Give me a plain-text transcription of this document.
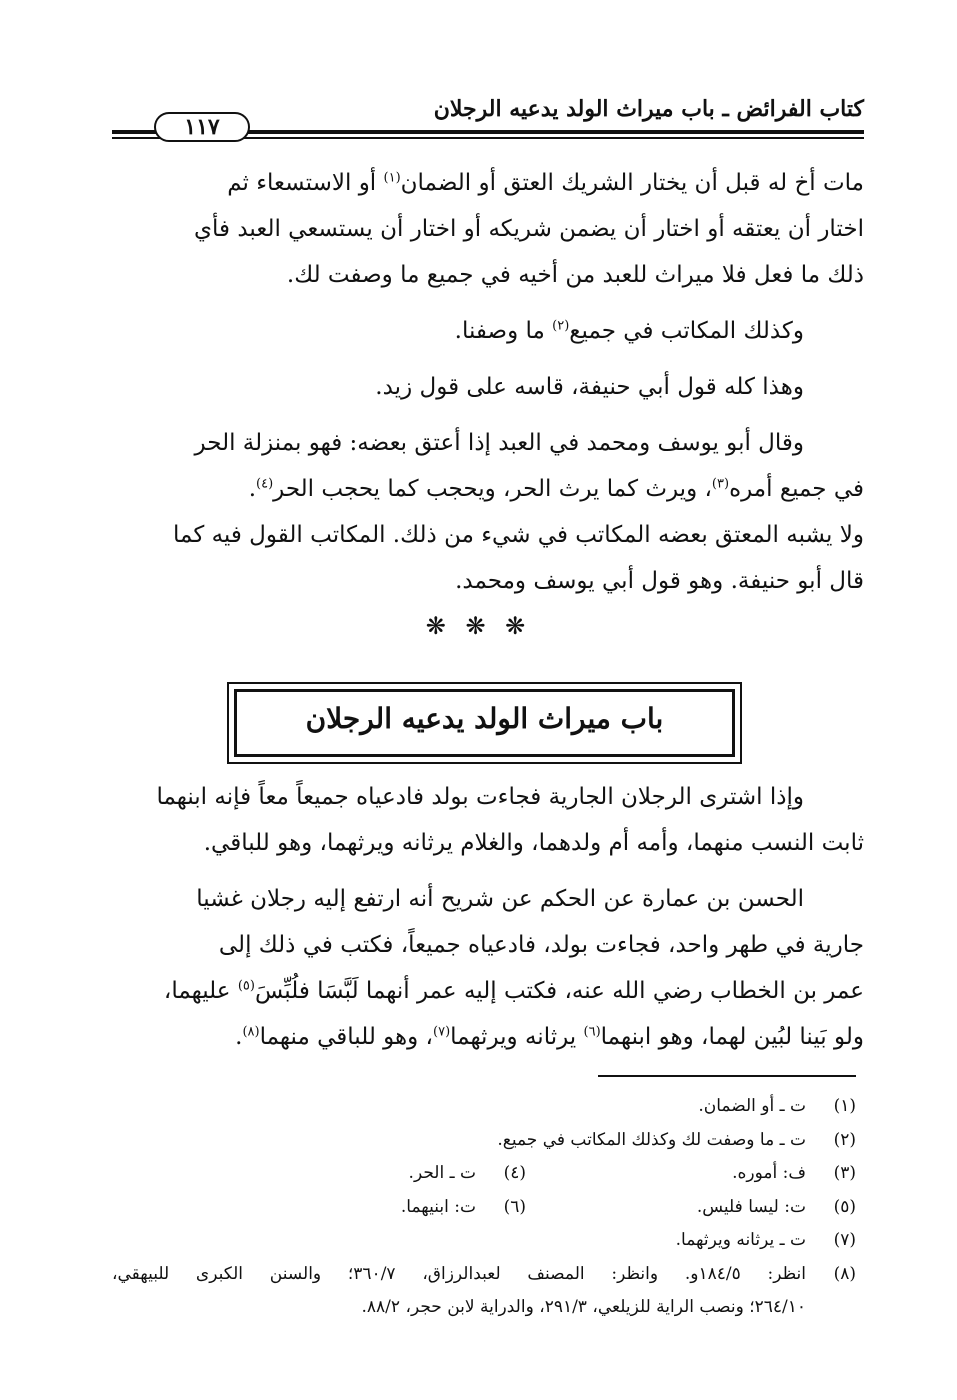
كتاب الفرائض ـ باب ميراث الولد يدعيه الرجلان
١١٧
مات أخ له قبل أن يختار الشريك العتق أو الضمان$^{(١)}$ أو الاستسعاء ثم
اختار أن يعتقه أو اختار أن يضمن شريكه أو اختار أن يستسعي العبد فأي
ذلك ما فعل فلا ميراث للعبد من أخيه في جميع ما وصفت لك.
وكذلك المكاتب في جميع$^{(٢)}$ ما وصفنا.
وهذا كله قول أبي حنيفة، قاسه على قول زيد.
وقال أبو يوسف ومحمد في العبد إذا أعتق بعضه: فهو بمنزلة الحر
في جميع أمره$^{(٣)}$، ويرث كما يرث الحر، ويحجب كما يحجب الحر$^{(٤)}$.
ولا يشبه المعتق بعضه المكاتب في شيء من ذلك. المكاتب القول فيه كما
قال أبو حنيفة. وهو قول أبي يوسف ومحمد.
❋ ❋ ❋
باب ميراث الولد يدعيه الرجلان
وإذا اشترى الرجلان الجارية فجاءت بولد فادعياه جميعاً معاً فإنه ابنهما
ثابت النسب منهما، وأمه أم ولدهما، والغلام يرثانه ويرثهما، وهو للباقي.
الحسن بن عمارة عن الحكم عن شريح أنه ارتفع إليه رجلان غشيا
جارية في طهر واحد، فجاءت بولد، فادعياه جميعاً، فكتب في ذلك إلى
عمر بن الخطاب رضي الله عنه، فكتب إليه عمر أنهما لَبَّسَا فلُبِّسَ$^{(٥)}$ عليهما،
ولو بَينا لبُين لهما، وهو ابنهما$^{(٦)}$ يرثانه ويرثهما$^{(٧)}$، وهو للباقي منهما$^{(٨)}$.
(١)
ت ـ أو الضمان.
(٢)
ت ـ ما وصفت لك وكذلك المكاتب في جميع.
(٣)
ف: أموره.
(٤)
ت ـ الحر.
(٥)
ت: ليسا فليس.
(٦)
ت: ابنيهما.
(٧)
ت ـ يرثانه ويرثهما.
(٨)
انظر: ١٨٤/٥و. وانظر: المصنف لعبدالرزاق، ٣٦٠/٧؛ والسنن الكبرى للبيهقي،
٢٦٤/١٠؛ ونصب الراية للزيلعي، ٢٩١/٣، والدراية لابن حجر، ٨٨/٢.
